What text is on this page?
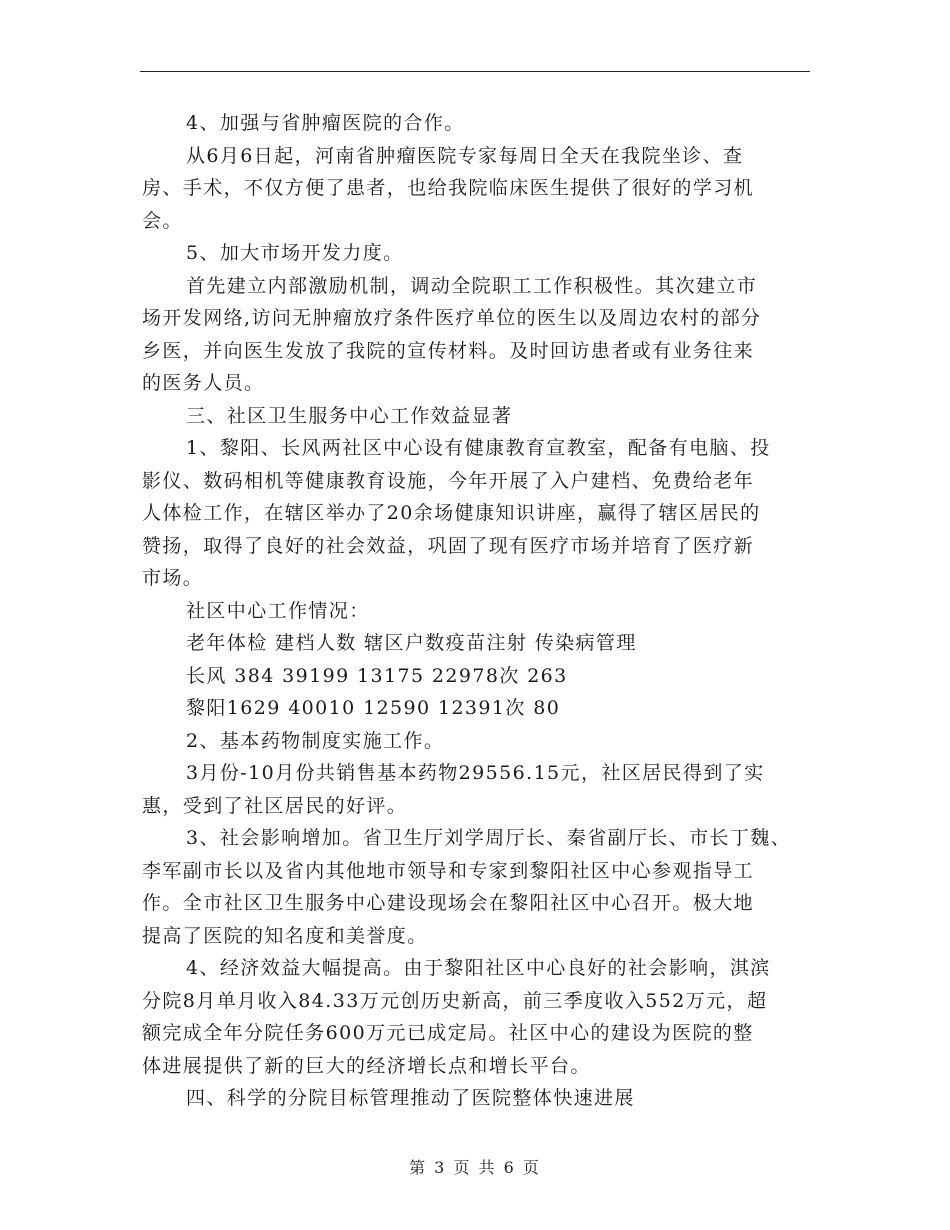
4、加强与省肿瘤医院的合作。

从6月6日起，河南省肿瘤医院专家每周日全天在我院坐诊、查

房、手术，不仅方便了患者，也给我院临床医生提供了很好的学习机

会。

5、加大市场开发力度。

首先建立内部激励机制，调动全院职工工作积极性。其次建立市

场开发网络,访问无肿瘤放疗条件医疗单位的医生以及周边农村的部分

乡医，并向医生发放了我院的宣传材料。及时回访患者或有业务往来

的医务人员。

三、社区卫生服务中心工作效益显著

1、黎阳、长风两社区中心设有健康教育宣教室，配备有电脑、投

影仪、数码相机等健康教育设施，今年开展了入户建档、免费给老年

人体检工作，在辖区举办了20余场健康知识讲座，赢得了辖区居民的

赞扬，取得了良好的社会效益，巩固了现有医疗市场并培育了医疗新

市场。

社区中心工作情况：

老年体检 建档人数 辖区户数疫苗注射 传染病管理

长风 384 39199 13175 22978次 263

黎阳1629 40010 12590 12391次 80

2、基本药物制度实施工作。

3月份-10月份共销售基本药物29556.15元，社区居民得到了实

惠，受到了社区居民的好评。

3、社会影响增加。省卫生厅刘学周厅长、秦省副厅长、市长丁魏、

李军副市长以及省内其他地市领导和专家到黎阳社区中心参观指导工

作。全市社区卫生服务中心建设现场会在黎阳社区中心召开。极大地

提高了医院的知名度和美誉度。

4、经济效益大幅提高。由于黎阳社区中心良好的社会影响，淇滨

分院8月单月收入84.33万元创历史新高，前三季度收入552万元，超

额完成全年分院任务600万元已成定局。社区中心的建设为医院的整

体进展提供了新的巨大的经济增长点和增长平台。

四、科学的分院目标管理推动了医院整体快速进展

第 3 页 共 6 页
